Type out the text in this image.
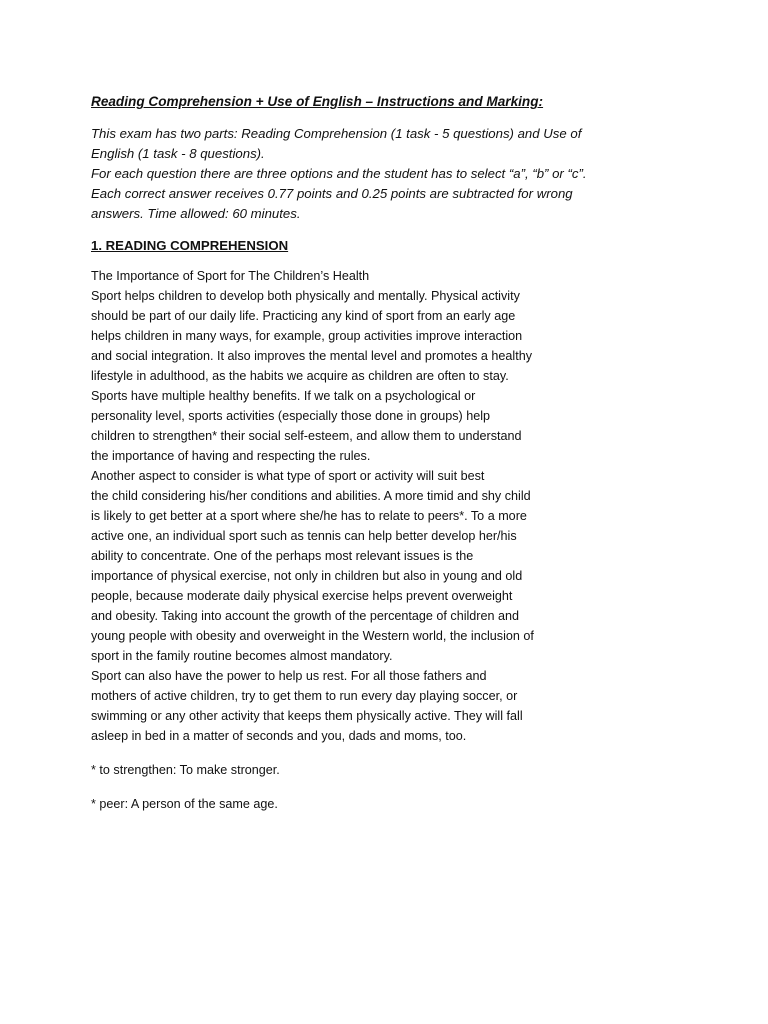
Reading Comprehension + Use of English – Instructions and Marking:

This exam has two parts: Reading Comprehension (1 task - 5 questions) and Use of
English (1 task - 8 questions).
For each question there are three options and the student has to select “a”, “b” or “c”.
Each correct answer receives 0.77 points and 0.25 points are subtracted for wrong
answers. Time allowed: 60 minutes.

1. READING COMPREHENSION

The Importance of Sport for The Children’s Health
Sport helps children to develop both physically and mentally. Physical activity
should be part of our daily life. Practicing any kind of sport from an early age
helps children in many ways, for example, group activities improve interaction
and social integration. It also improves the mental level and promotes a healthy
lifestyle in adulthood, as the habits we acquire as children are often to stay.
Sports have multiple healthy benefits. If we talk on a psychological or
personality level, sports activities (especially those done in groups) help
children to strengthen* their social self-esteem, and allow them to understand
the importance of having and respecting the rules.
Another aspect to consider is what type of sport or activity will suit best
the child considering his/her conditions and abilities. A more timid and shy child
is likely to get better at a sport where she/he has to relate to peers*. To a more
active one, an individual sport such as tennis can help better develop her/his
ability to concentrate. One of the perhaps most relevant issues is the
importance of physical exercise, not only in children but also in young and old
people, because moderate daily physical exercise helps prevent overweight
and obesity. Taking into account the growth of the percentage of children and
young people with obesity and overweight in the Western world, the inclusion of
sport in the family routine becomes almost mandatory.
Sport can also have the power to help us rest. For all those fathers and
mothers of active children, try to get them to run every day playing soccer, or
swimming or any other activity that keeps them physically active. They will fall
asleep in bed in a matter of seconds and you, dads and moms, too.

* to strengthen: To make stronger.

* peer: A person of the same age.
